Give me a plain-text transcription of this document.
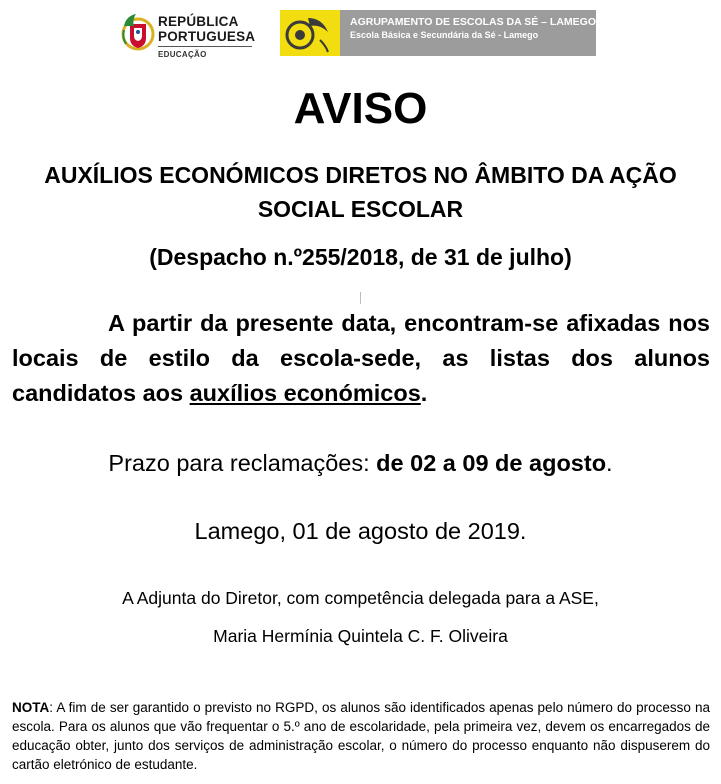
REPÚBLICA
PORTUGUESA
EDUCAÇÃO
AGRUPAMENTO DE ESCOLAS DA SÉ – LAMEGO
Escola Básica e Secundária da Sé - Lamego
AVISO
AUXÍLIOS ECONÓMICOS DIRETOS NO ÂMBITO DA AÇÃO SOCIAL ESCOLAR
(Despacho n.º255/2018, de 31 de julho)
A partir da presente data, encontram-se afixadas nos locais de estilo da escola-sede, as listas dos alunos candidatos aos auxílios económicos.
Prazo para reclamações: de 02 a 09 de agosto.
Lamego, 01 de agosto de 2019.
A Adjunta do Diretor, com competência delegada para a ASE,
Maria Hermínia Quintela C. F. Oliveira
NOTA: A fim de ser garantido o previsto no RGPD, os alunos são identificados apenas pelo número do processo na escola. Para os alunos que vão frequentar o 5.º ano de escolaridade, pela primeira vez, devem os encarregados de educação obter, junto dos serviços de administração escolar, o número do processo enquanto não dispuserem do cartão eletrónico de estudante.
